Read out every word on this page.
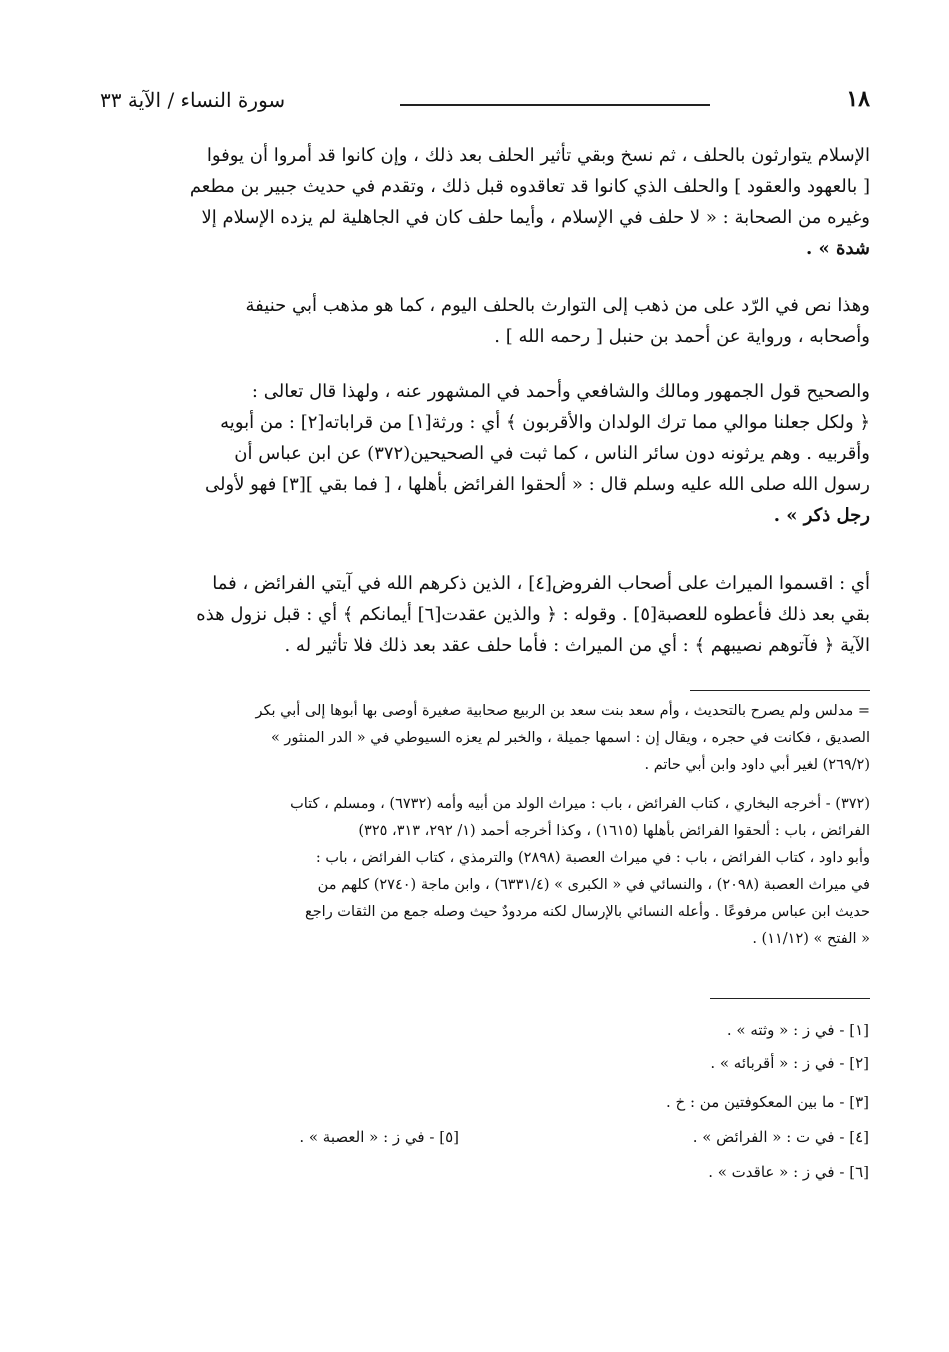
١٨
سورة النساء / الآية ٣٣

الإسلام يتوارثون بالحلف ، ثم نسخ وبقي تأثير الحلف بعد ذلك ، وإن كانوا قد أمروا أن يوفوا

[ بالعهود والعقود ] والحلف الذي كانوا قد تعاقدوه قبل ذلك ، وتقدم في حديث جبير بن مطعم

وغيره من الصحابة : « لا حلف في الإسلام ، وأيما حلف كان في الجاهلية لم يزده الإسلام إلا

شدة » .

وهذا نص في الرّد على من ذهب إلى التوارث بالحلف اليوم ، كما هو مذهب أبي حنيفة

وأصحابه ، ورواية عن أحمد بن حنبل [ رحمه الله ] .

والصحيح قول الجمهور ومالك والشافعي وأحمد في المشهور عنه ، ولهذا قال تعالى :

﴿ ولكل جعلنا موالي مما ترك الولدان والأقربون ﴾ أي : ورثة[١] من قراباته[٢] : من أبويه

وأقربيه . وهم يرثونه دون سائر الناس ، كما ثبت في الصحيحين(٣٧٢) عن ابن عباس أن

رسول الله صلى الله عليه وسلم قال : « ألحقوا الفرائض بأهلها ، [ فما بقي ][٣] فهو لأولى

رجل ذكر » .

أي : اقسموا الميراث على أصحاب الفروض[٤] ، الذين ذكرهم الله في آيتي الفرائض ، فما

بقي بعد ذلك فأعطوه للعصبة[٥] . وقوله : ﴿ والذين عقدت[٦] أيمانكم ﴾ أي : قبل نزول هذه

الآية ﴿ فآتوهم نصيبهم ﴾ : أي من الميراث : فأما حلف عقد بعد ذلك فلا تأثير له .

= مدلس ولم يصرح بالتحديث ، وأم سعد بنت سعد بن الربيع صحابية صغيرة أوصى بها أبوها إلى أبي بكر
الصديق ، فكانت في حجره ، ويقال إن : اسمها جميلة ، والخبر لم يعزه السيوطي في « الدر المنثور »
(٢٦٩/٢) لغير أبي داود وابن أبي حاتم .
(٣٧٢) - أخرجه البخاري ، كتاب الفرائض ، باب : ميراث الولد من أبيه وأمه (٦٧٣٢) ، ومسلم ، كتاب
الفرائض ، باب : ألحقوا الفرائض بأهلها (١٦١٥) ، وكذا أخرجه أحمد (١/ ٢٩٢، ٣١٣، ٣٢٥)
وأبو داود ، كتاب الفرائض ، باب : في ميراث العصبة (٢٨٩٨) والترمذي ، كتاب الفرائض ، باب :
في ميراث العصبة (٢٠٩٨) ، والنسائي في « الكبرى » (٦٣٣١/٤) ، وابن ماجة (٢٧٤٠) كلهم من
حديث ابن عباس مرفوعًا . وأعله النسائي بالإرسال لكنه مردودٌ حيث وصله جمع من الثقات راجع
« الفتح » (١١/١٢) .
[١] - في ز : « وثته » .
[٢] - في ز : « أقربائه » .
[٣] - ما بين المعكوفتين من : خ .
[٤] - في ت : « الفرائض » .
[٦] - في ز : « عاقدت » .
[٥] - في ز : « العصبة » .
